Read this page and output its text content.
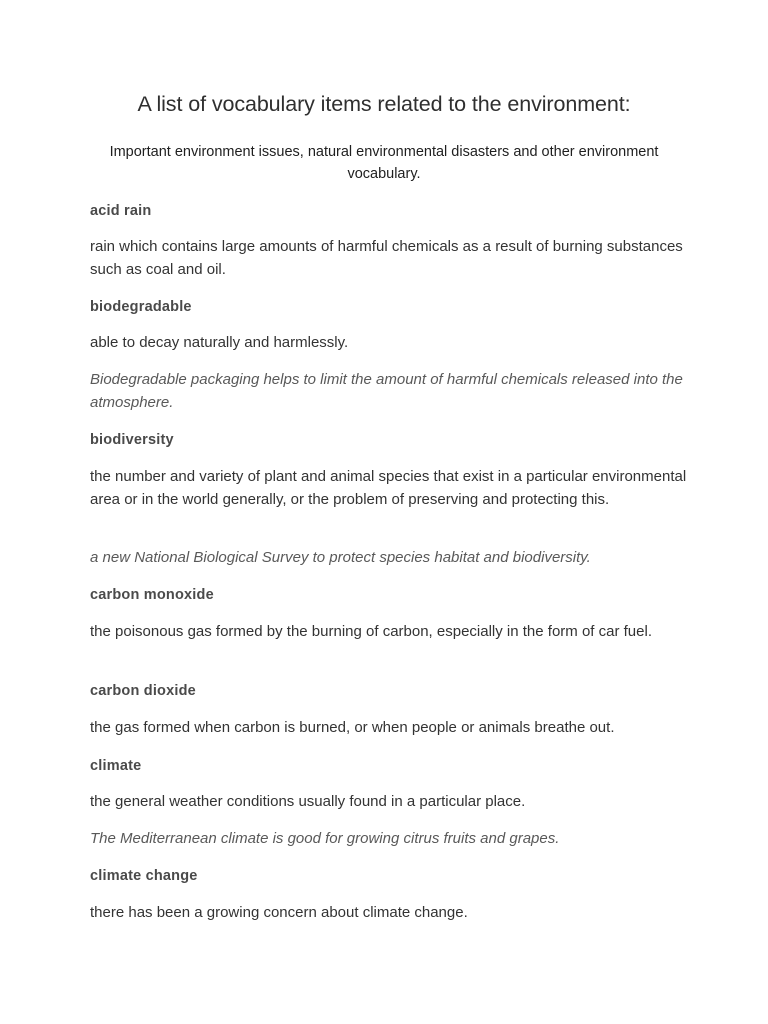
A list of vocabulary items related to the environment:
Important environment issues, natural environmental disasters and other environment vocabulary.
acid rain
rain which contains large amounts of harmful chemicals as a result of burning substances such as coal and oil.
biodegradable
able to decay naturally and harmlessly.
Biodegradable packaging helps to limit the amount of harmful chemicals released into the atmosphere.
biodiversity
the number and variety of plant and animal species that exist in a particular environmental area or in the world generally, or the problem of preserving and protecting this.
a new National Biological Survey to protect species habitat and biodiversity.
carbon monoxide
the poisonous gas formed by the burning of carbon, especially in the form of car fuel.
carbon dioxide
the gas formed when carbon is burned, or when people or animals breathe out.
climate
the general weather conditions usually found in a particular place.
The Mediterranean climate is good for growing citrus fruits and grapes.
climate change
there has been a growing concern about climate change.
